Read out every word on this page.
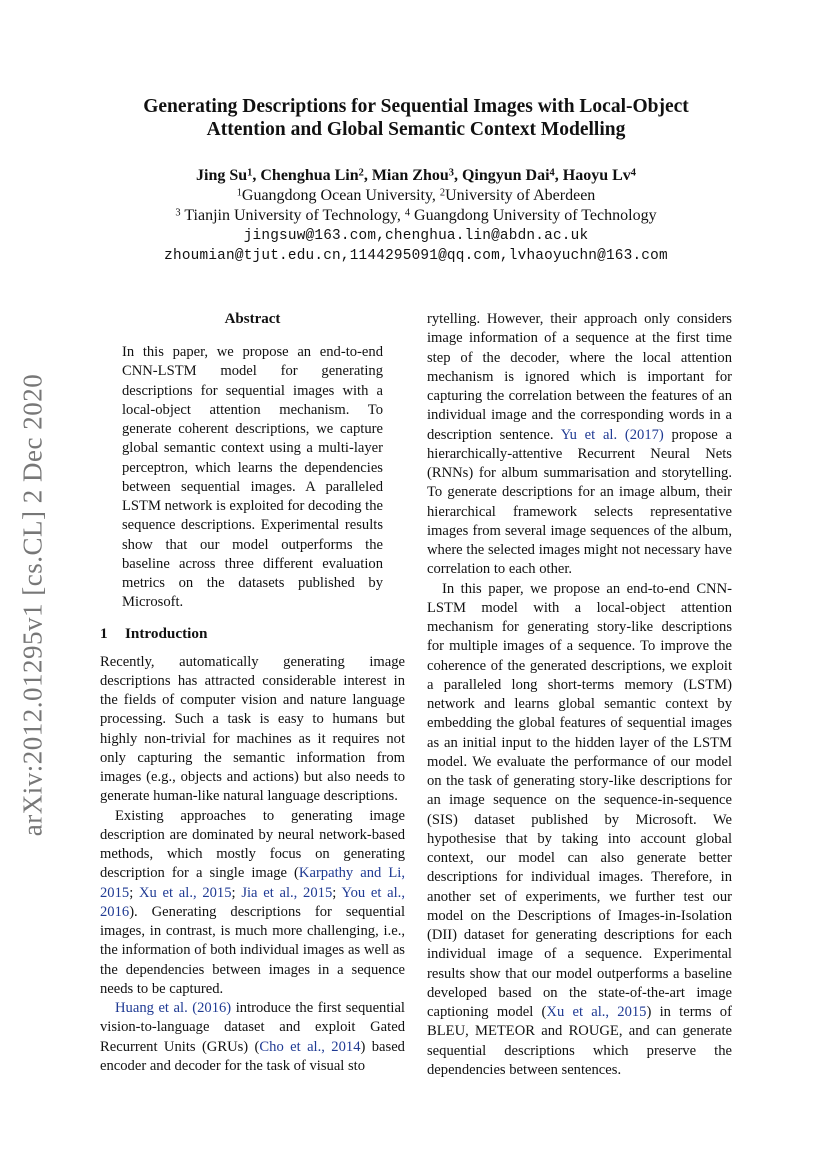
arXiv:2012.01295v1 [cs.CL] 2 Dec 2020
Generating Descriptions for Sequential Images with Local-Object
Attention and Global Semantic Context Modelling
Jing Su$^1$, Chenghua Lin$^2$, Mian Zhou$^3$, Qingyun Dai$^4$, Haoyu Lv$^4$
$^1$Guangdong Ocean University, $^2$University of Aberdeen
$^3$ Tianjin University of Technology, $^4$ Guangdong University of Technology
jingsuw@163.com,chenghua.lin@abdn.ac.uk
zhoumian@tjut.edu.cn,1144295091@qq.com,lvhaoyuchn@163.com
Abstract

In this paper, we propose an end-to-end CNN-LSTM model for generating descriptions for sequential images with a local-object attention mechanism. To generate coherent descriptions, we capture global semantic context using a multi-layer perceptron, which learns the dependencies between sequential images. A paralleled LSTM network is exploited for decoding the sequence descriptions. Experimental results show that our model outperforms the baseline across three different evaluation metrics on the datasets published by Microsoft.

1 Introduction

Recently, automatically generating image descriptions has attracted considerable interest in the fields of computer vision and nature language processing. Such a task is easy to humans but highly non-trivial for machines as it requires not only capturing the semantic information from images (e.g., objects and actions) but also needs to generate human-like natural language descriptions.

Existing approaches to generating image description are dominated by neural network-based methods, which mostly focus on generating description for a single image (Karpathy and Li, 2015; Xu et al., 2015; Jia et al., 2015; You et al., 2016). Generating descriptions for sequential images, in contrast, is much more challenging, i.e., the information of both individual images as well as the dependencies between images in a sequence needs to be captured.

Huang et al. (2016) introduce the first sequential vision-to-language dataset and exploit Gated Recurrent Units (GRUs) (Cho et al., 2014) based encoder and decoder for the task of visual sto

rytelling. However, their approach only considers image information of a sequence at the first time step of the decoder, where the local attention mechanism is ignored which is important for capturing the correlation between the features of an individual image and the corresponding words in a description sentence. Yu et al. (2017) propose a hierarchically-attentive Recurrent Neural Nets (RNNs) for album summarisation and storytelling. To generate descriptions for an image album, their hierarchical framework selects representative images from several image sequences of the album, where the selected images might not necessary have correlation to each other.

In this paper, we propose an end-to-end CNN-LSTM model with a local-object attention mechanism for generating story-like descriptions for multiple images of a sequence. To improve the coherence of the generated descriptions, we exploit a paralleled long short-terms memory (LSTM) network and learns global semantic context by embedding the global features of sequential images as an initial input to the hidden layer of the LSTM model. We evaluate the performance of our model on the task of generating story-like descriptions for an image sequence on the sequence-in-sequence (SIS) dataset published by Microsoft. We hypothesise that by taking into account global context, our model can also generate better descriptions for individual images. Therefore, in another set of experiments, we further test our model on the Descriptions of Images-in-Isolation (DII) dataset for generating descriptions for each individual image of a sequence. Experimental results show that our model outperforms a baseline developed based on the state-of-the-art image captioning model (Xu et al., 2015) in terms of BLEU, METEOR and ROUGE, and can generate sequential descriptions which preserve the dependencies between sentences.
